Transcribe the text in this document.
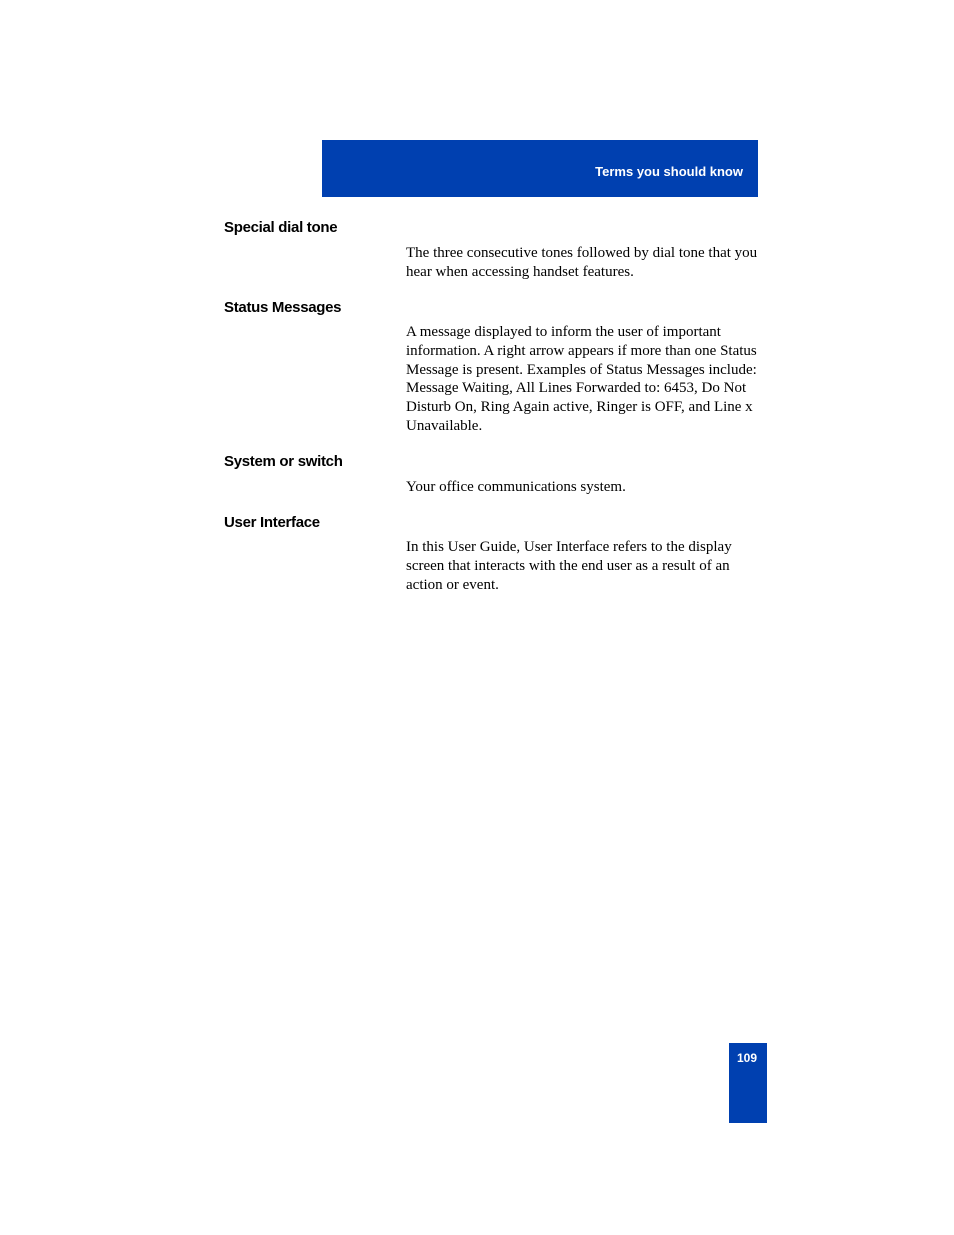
Terms you should know
Special dial tone
The three consecutive tones followed by dial tone that you hear when accessing handset features.
Status Messages
A message displayed to inform the user of important information. A right arrow appears if more than one Status Message is present. Examples of Status Messages include: Message Waiting, All Lines Forwarded to: 6453, Do Not Disturb On, Ring Again active, Ringer is OFF, and Line x Unavailable.
System or switch
Your office communications system.
User Interface
In this User Guide, User Interface refers to the display screen that interacts with the end user as a result of an action or event.
109
